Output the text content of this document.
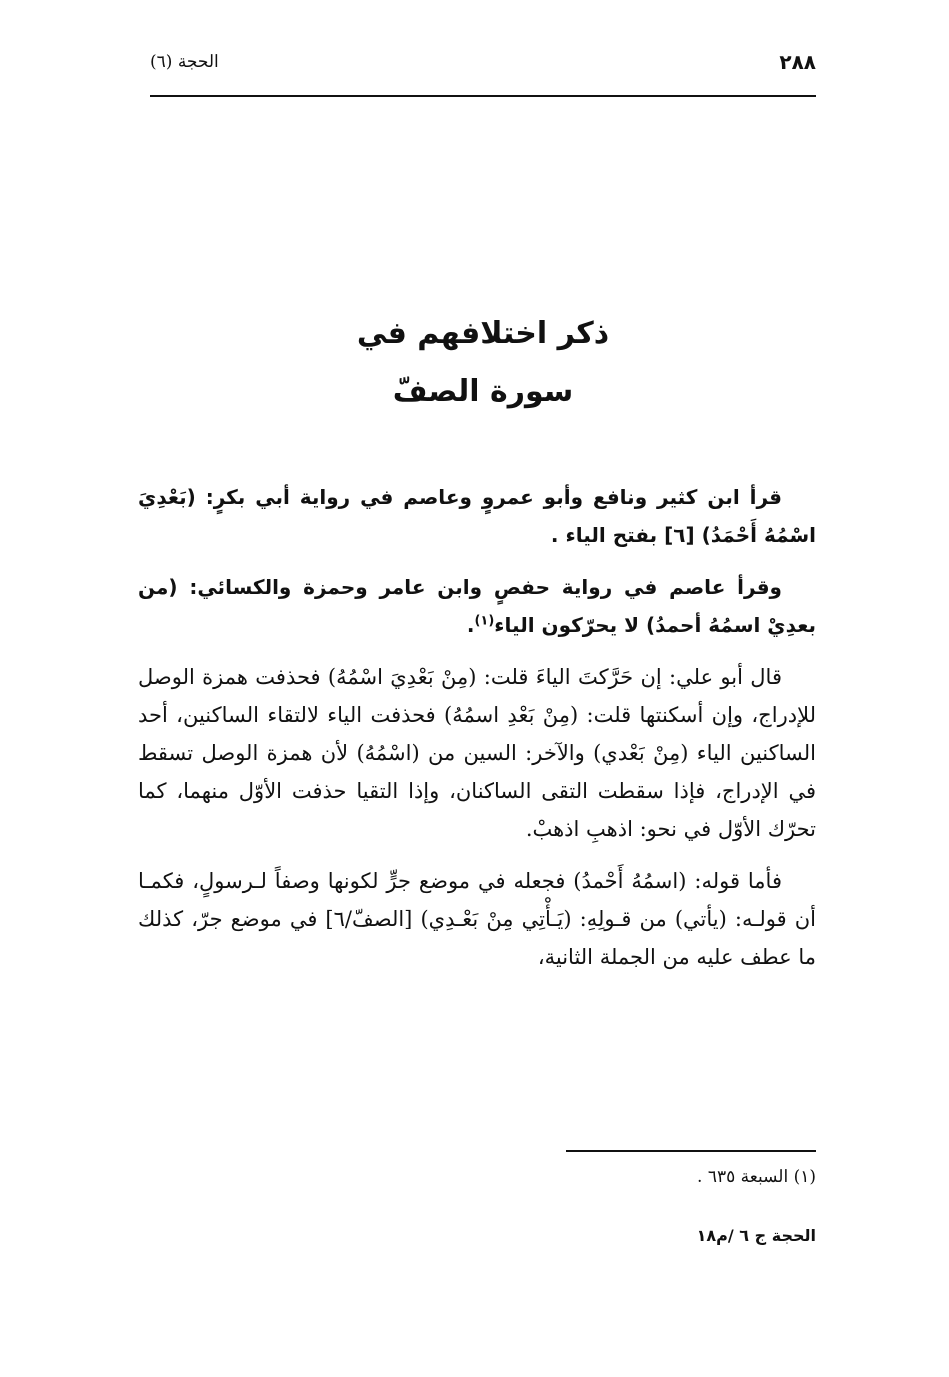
٢٨٨
الحجة (٦)
ذكر اختلافهم في
سورة الصفّ

قرأ ابن كثير ونافع وأبو عمروٍ وعاصم في رواية أبي بكرٍ: (بَعْدِيَ اسْمُهُ أَحْمَدُ) [٦] بفتح الياء .

وقرأ عاصم في رواية حفصٍ وابن عامر وحمزة والكسائي: (من بعدِيْ اسمُهُ أحمدُ) لا يحرّكون الياء$^{(١)}$.

قال أبو علي: إن حَرَّكتَ الياءَ قلت: (مِنْ بَعْدِيَ اسْمُهُ) فحذفت همزة الوصل للإدراج، وإن أسكنتها قلت: (مِنْ بَعْدِ اسمُهُ) فحذفت الياء لالتقاء الساكنين، أحد الساكنين الياء (مِنْ بَعْدي) والآخر: السين من (اسْمُهُ) لأن همزة الوصل تسقط في الإدراج، فإذا سقطت التقى الساكنان، وإذا التقيا حذفت الأوّل منهما، كما تحرّك الأوّل في نحو: اذهبِ اذهبْ.

فأما قوله: (اسمُهُ أَحْمدُ) فجعله في موضع جرٍّ لكونها وصفاً لـرسولٍ، فكمـا أن قولـه: (يأتي) من قـولِهِ: (يَـأْتِي مِنْ بَعْـدِي) [الصفّ/٦] في موضع جرّ، كذلك ما عطف عليه من الجملة الثانية،

(١) السبعة ٦٣٥ .
الحجة ج ٦ /م١٨
